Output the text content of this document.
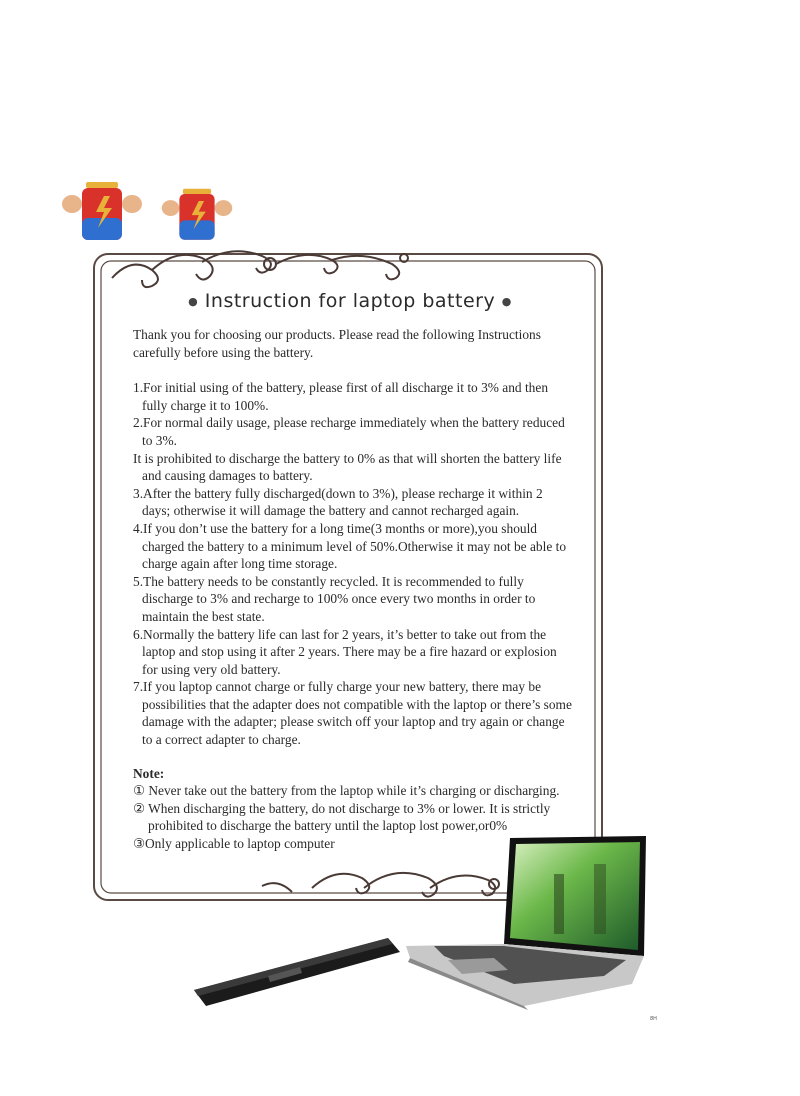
● Instruction for laptop battery ●

Thank you for choosing our products. Please read the following Instructions carefully before using the battery.

1.For initial using of the battery, please first of all discharge it to 3% and then fully charge it to 100%.

2.For normal daily usage, please recharge immediately when the battery reduced to 3%.

It is prohibited to discharge the battery to 0% as that will shorten the battery life and causing damages to battery.

3.After the battery fully discharged(down to 3%), please recharge it within 2 days; otherwise it will damage the battery and cannot recharged again.

4.If you don’t use the battery for a long time(3 months or more),you should charged the battery to a minimum level of 50%.Otherwise it may not be able to charge again after long time storage.

5.The battery needs to be constantly recycled. It is recommended to fully discharge to 3% and recharge to 100% once every two months in order to maintain the best state.

6.Normally the battery life can last for 2 years, it’s better to take out from the laptop and stop using it after 2 years. There may be a fire hazard or explosion for using very old battery.

7.If you laptop cannot charge or fully charge your new battery, there may be possibilities that the adapter does not compatible with the laptop or there’s some damage with the adapter; please switch off your laptop and try again or change to a correct adapter to charge.

Note:

① Never take out the battery from the laptop while it’s charging or discharging.

② When discharging the battery, do not discharge to 3% or lower. It is strictly prohibited to discharge the battery until the laptop lost power,or0%

③Only applicable to laptop computer

8H
